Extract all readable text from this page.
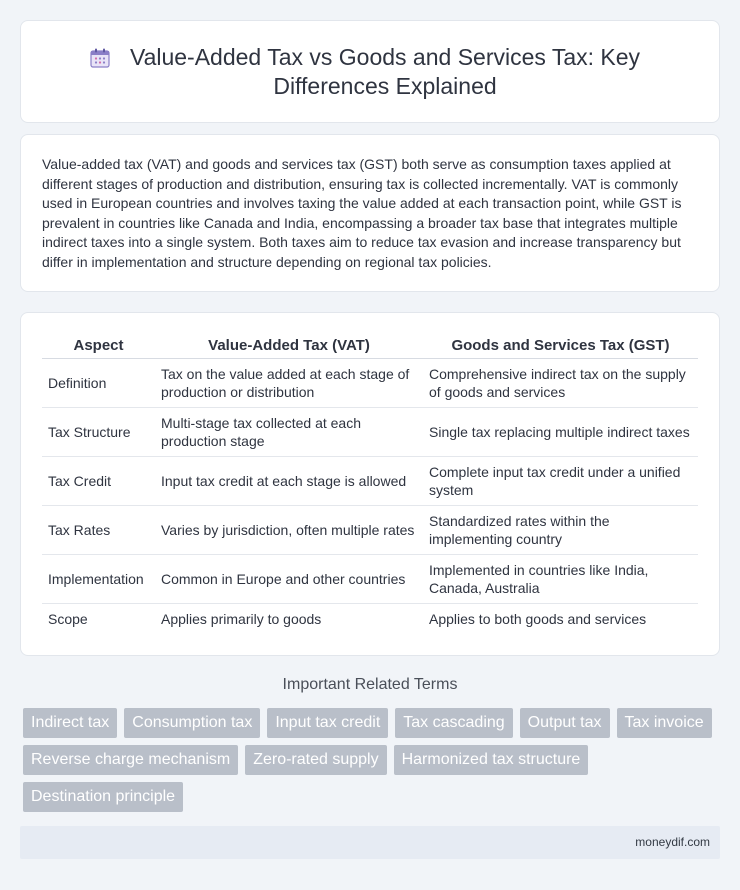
Value-Added Tax vs Goods and Services Tax: Key Differences Explained

Value-added tax (VAT) and goods and services tax (GST) both serve as consumption taxes applied at different stages of production and distribution, ensuring tax is collected incrementally. VAT is commonly used in European countries and involves taxing the value added at each transaction point, while GST is prevalent in countries like Canada and India, encompassing a broader tax base that integrates multiple indirect taxes into a single system. Both taxes aim to reduce tax evasion and increase transparency but differ in implementation and structure depending on regional tax policies.

Aspect	Value-Added Tax (VAT)	Goods and Services Tax (GST)
Definition	Tax on the value added at each stage of production or distribution	Comprehensive indirect tax on the supply of goods and services
Tax Structure	Multi-stage tax collected at each production stage	Single tax replacing multiple indirect taxes
Tax Credit	Input tax credit at each stage is allowed	Complete input tax credit under a unified system
Tax Rates	Varies by jurisdiction, often multiple rates	Standardized rates within the implementing country
Implementation	Common in Europe and other countries	Implemented in countries like India, Canada, Australia
Scope	Applies primarily to goods	Applies to both goods and services
Important Related Terms
Indirect tax	Consumption tax	Input tax credit	Tax cascading	Output tax	Tax invoice
Reverse charge mechanism	Zero-rated supply	Harmonized tax structure
Destination principle
moneydif.com
